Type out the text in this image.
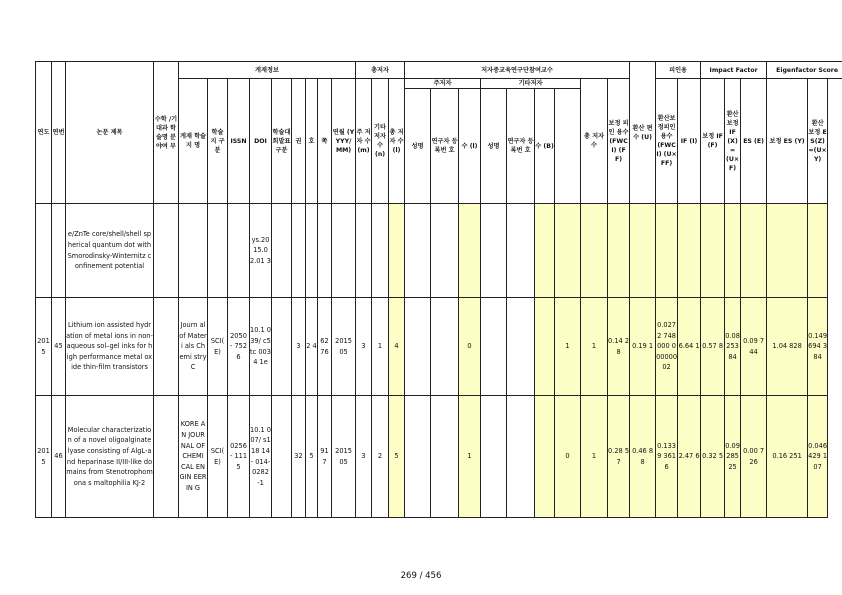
연도	연번	논문 제목	수학 /기대과 학술명 분야여 부	게재정보									총저자			저자중교육연구단참여교수									환산 편수 (U)	피인용		Impact Factor			Eigenfactor Score	
				게재 학술지 명	학술 지 구분	ISSN	DOI	학술대 회발표 구분	권	호	쪽	연월 (YYYY/ MM)	주 저자 수 (m)	기타 저자 수 (n)	총 저자 수 (l)	주저자			기타저자				총 저자 수	보정 피인 용수 (FWC I) (FF)		환산보 정피인 용수 (FWCI) (U×FF)	IF (I)	보정 IF (F)	환산 보정 IF(X) = (U×F)	ES (E)	보정 ES (Y)	환산 보정 ES(Z) =(U×Y)
																성명	연구자 등록번 호	수 (l)	성명	연구자 등록번 호	수 (B)											
		e/ZnTe core/shell/shell spherical quantum dot with Smorodinsky-Winternitz confinement potential					ys.20 15.0 2.01 3																									
201 5	45	Lithium ion assisted hydration of metal ions in non-aqueous sol–gel inks for high performance metal oxide thin-film transistors		Journ al of Materi als Chemi stry C	SCI( E)	2050 - 7526	10.1 039/ c5tc 0034 1e		3	2 4	62 76	2015 05	3	1	4			0				1	1	0.14 28	0.19 1	0.0272 748000 000000 02	6.64 1	0.57 8	0.08253 84	0.09 744	1.04 828	0.149694 384
201 5	46	Molecular characterization of a novel oligoalginate lyase consisting of AlgL-and heparinase II/III-like domains from Stenotrophomona s maltophilia KJ-2		KORE AN JOUR NAL OF CHEMI CAL ENGIN EERIN G	SCI( E)	0256 - 1115	10.1 007/ s118 14- 014- 0282 -1		32	5	91 7	2015 05	3	2	5			1				0	1	0.28 57	0.46 88	0.1339 3616	2.47 6	0.32 5	0.09285 25	0.00 726	0.16 251	0.046429 107
269 / 456
